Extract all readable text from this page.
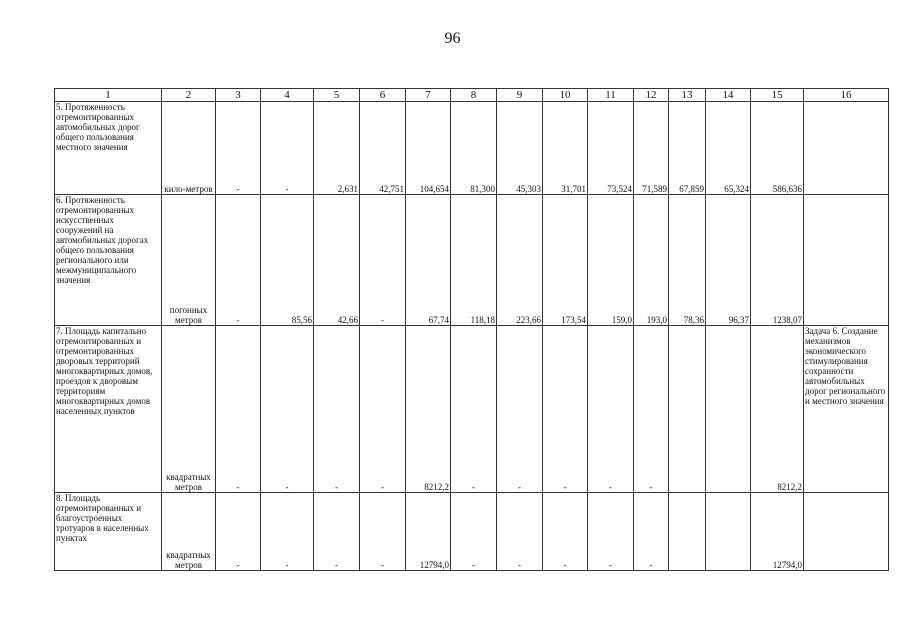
96
1	2	3	4	5	6	7	8	9	10	11	12	13	14	15	16
5. Протяженность отремонтированных автомобильных дорог общего пользования местного значения	кило-метров	-	-	2,631	42,751	104,654	81,300	45,303	31,701	73,524	71,589	67,859	65,324	586,636	
6. Протяженность отремонтированных искусственных сооружений на автомобильных дорогах общего пользования регионального или межмуниципального значения	погонных метров	-	85,56	42,66	-	67,74	118,18	223,66	173,54	159,0	193,0	78,36	96,37	1238,07	
7. Площадь капитально отремонтированных и отремонтированных дворовых территорий многоквартирных домов, проездов к дворовым территориям многоквартирных домов населенных пунктов	квадратных метров	-	-	-	-	8212,2	-	-	-	-	-			8212,2	Задача 6. Создание механизмов экономического стимулирования сохранности автомобильных дорог регионального и местного значения
8. Площадь отремонтированных и благоустроенных тротуаров в населенных пунктах	квадратных метров	-	-	-	-	12794,0	-	-	-	-	-			12794,0	
